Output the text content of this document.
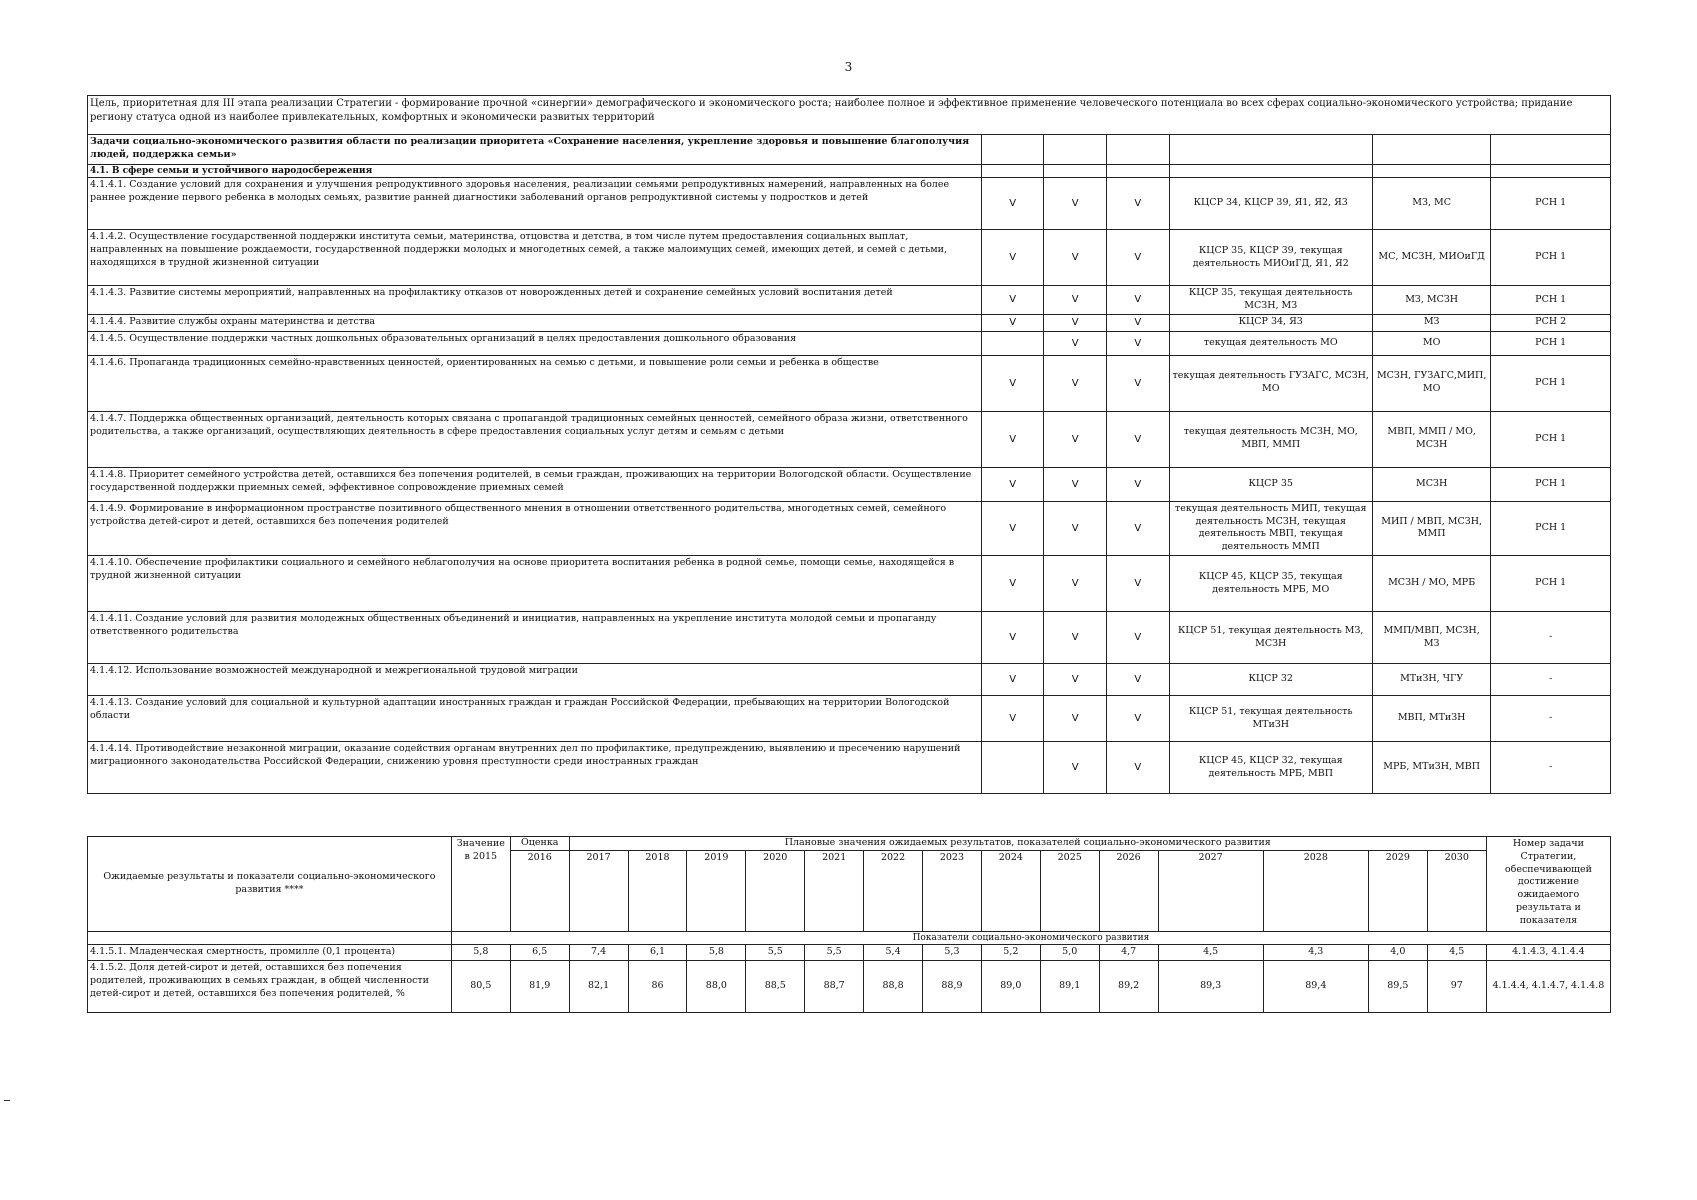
3
Цель, приоритетная для III этапа реализации Стратегии - формирование прочной «синергии» демографического и экономического роста; наиболее полное и эффективное применение человеческого потенциала во всех сферах социально-экономического устройства; придание региону статуса одной из наиболее привлекательных, комфортных и экономически развитых территорий						
Задачи социально-экономического развития области по реализации приоритета «Сохранение населения, укрепление здоровья и повышение благополучия людей, поддержка семьи»						
4.1. В сфере семьи и устойчивого народосбережения						
4.1.4.1. Создание условий для сохранения и улучшения репродуктивного здоровья населения, реализации семьями репродуктивных намерений, направленных на более раннее рождение первого ребенка в молодых семьях, развитие ранней диагностики заболеваний органов репродуктивной системы у подростков и детей	V	V	V	КЦСР 34, КЦСР 39, Я1, Я2, Я3	МЗ, МС	РСН 1
4.1.4.2. Осуществление государственной поддержки института семьи, материнства, отцовства и детства, в том числе путем предоставления социальных выплат, направленных на повышение рождаемости, государственной поддержки молодых и многодетных семей, а также малоимущих семей, имеющих детей, и семей с детьми, находящихся в трудной жизненной ситуации	V	V	V	КЦСР 35, КЦСР 39, текущая деятельность МИОиГД, Я1, Я2	МС, МСЗН, МИОиГД	РСН 1
4.1.4.3. Развитие системы мероприятий, направленных на профилактику отказов от новорожденных детей и сохранение семейных условий воспитания детей	V	V	V	КЦСР 35, текущая деятельность МСЗН, МЗ	МЗ, МСЗН	РСН 1
4.1.4.4. Развитие службы охраны материнства и детства	V	V	V	КЦСР 34, Я3	МЗ	РСН 2
4.1.4.5. Осуществление поддержки частных дошкольных образовательных организаций в целях предоставления дошкольного образования		V	V	текущая деятельность МО	МО	РСН 1
4.1.4.6. Пропаганда традиционных семейно-нравственных ценностей, ориентированных на семью с детьми, и повышение роли семьи и ребенка в обществе	V	V	V	текущая деятельность ГУЗАГС, МСЗН, МО	МСЗН, ГУЗАГС,МИП, МО	РСН 1
4.1.4.7. Поддержка общественных организаций, деятельность которых связана с пропагандой традиционных семейных ценностей, семейного образа жизни, ответственного родительства, а также организаций, осуществляющих деятельность в сфере предоставления социальных услуг детям и семьям с детьми	V	V	V	текущая деятельность МСЗН, МО, МВП, ММП	МВП, ММП / МО, МСЗН	РСН 1
4.1.4.8. Приоритет семейного устройства детей, оставшихся без попечения родителей, в семьи граждан, проживающих на территории Вологодской области. Осуществление государственной поддержки приемных семей, эффективное сопровождение приемных семей	V	V	V	КЦСР 35	МСЗН	РСН 1
4.1.4.9. Формирование в информационном пространстве позитивного общественного мнения в отношении ответственного родительства, многодетных семей, семейного устройства детей-сирот и детей, оставшихся без попечения родителей	V	V	V	текущая деятельность МИП, текущая деятельность МСЗН, текущая деятельность МВП, текущая деятельность ММП	МИП / МВП, МСЗН, ММП	РСН 1
4.1.4.10. Обеспечение профилактики социального и семейного неблагополучия на основе приоритета воспитания ребенка в родной семье, помощи семье, находящейся в трудной жизненной ситуации	V	V	V	КЦСР 45, КЦСР 35, текущая деятельность МРБ, МО	МСЗН / МО, МРБ	РСН 1
4.1.4.11. Создание условий для развития молодежных общественных объединений и инициатив, направленных на укрепление института молодой семьи и пропаганду ответственного родительства	V	V	V	КЦСР 51, текущая деятельность МЗ, МСЗН	ММП/МВП, МСЗН, МЗ	-
4.1.4.12. Использование возможностей международной и межрегиональной трудовой миграции	V	V	V	КЦСР 32	МТиЗН, ЧГУ	-
4.1.4.13. Создание условий для социальной и культурной адаптации иностранных граждан и граждан Российской Федерации, пребывающих на территории Вологодской области	V	V	V	КЦСР 51, текущая деятельность МТиЗН	МВП, МТиЗН	-
4.1.4.14. Противодействие незаконной миграции, оказание содействия органам внутренних дел по профилактике, предупреждению, выявлению и пресечению нарушений миграционного законодательства Российской Федерации, снижению уровня преступности среди иностранных граждан		V	V	КЦСР 45, КЦСР 32, текущая деятельность МРБ, МВП	МРБ, МТиЗН, МВП	-
Ожидаемые результаты и показатели социально-экономического развития ****	Значение в 2015	Оценка	Плановые значения ожидаемых результатов, показателей социально-экономического развития														Номер задачи Стратегии, обеспечивающей достижение ожидаемого результата и показателя
		2016	2017	2018	2019	2020	2021	2022	2023	2024	2025	2026	2027	2028	2029	2030	
	Показатели социально-экономического развития																
4.1.5.1. Младенческая смертность, промилле (0,1 процента)	5,8	6,5	7,4	6,1	5,8	5,5	5,5	5,4	5,3	5,2	5,0	4,7	4,5	4,3	4,0	4,5	4.1.4.3, 4.1.4.4
4.1.5.2. Доля детей-сирот и детей, оставшихся без попечения родителей, проживающих в семьях граждан, в общей численности детей-сирот и детей, оставшихся без попечения родителей, %	80,5	81,9	82,1	86	88,0	88,5	88,7	88,8	88,9	89,0	89,1	89,2	89,3	89,4	89,5	97	4.1.4.4, 4.1.4.7, 4.1.4.8
